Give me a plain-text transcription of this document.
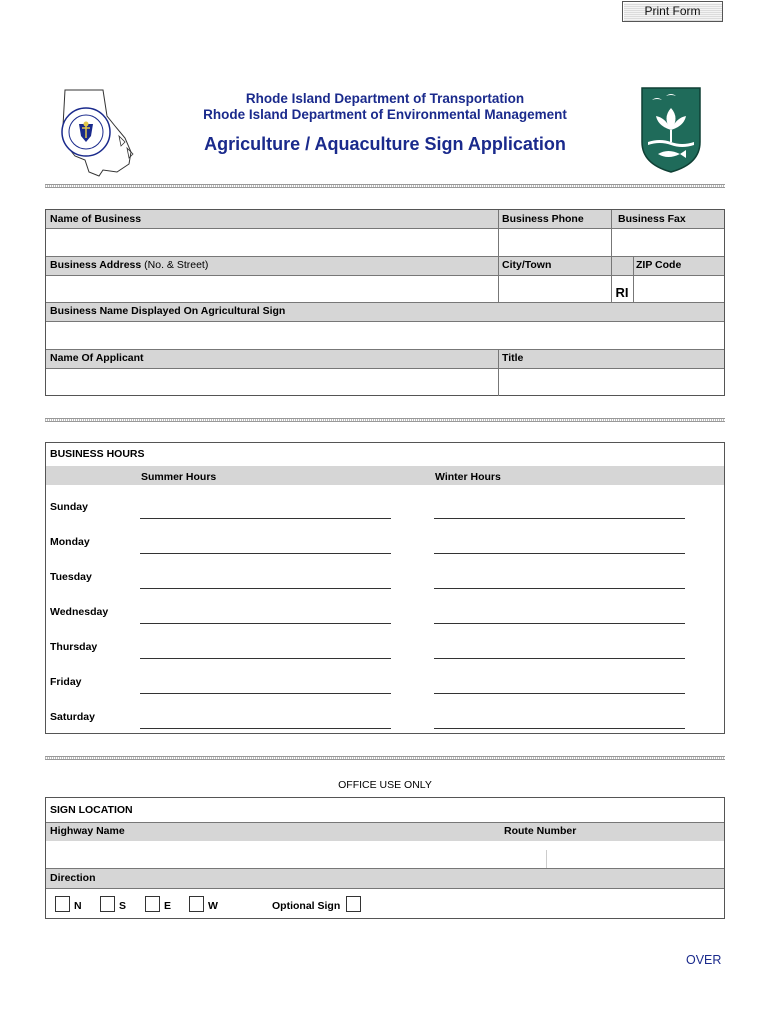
Print Form
Rhode Island Department of Transportation
Rhode Island Department of Environmental Management
Agriculture / Aquaculture Sign Application
Name of Business	Business Phone	Business Fax
Business Address (No. & Street)	City/Town	ZIP Code
RI
Business Name Displayed On Agricultural Sign
Name Of Applicant	Title
BUSINESS HOURS
Summer Hours	Winter Hours
Sunday
Monday
Tuesday
Wednesday
Thursday
Friday
Saturday
OFFICE USE ONLY
SIGN LOCATION
Highway Name	Route Number
Direction
N	S	E	W	Optional Sign
OVER
